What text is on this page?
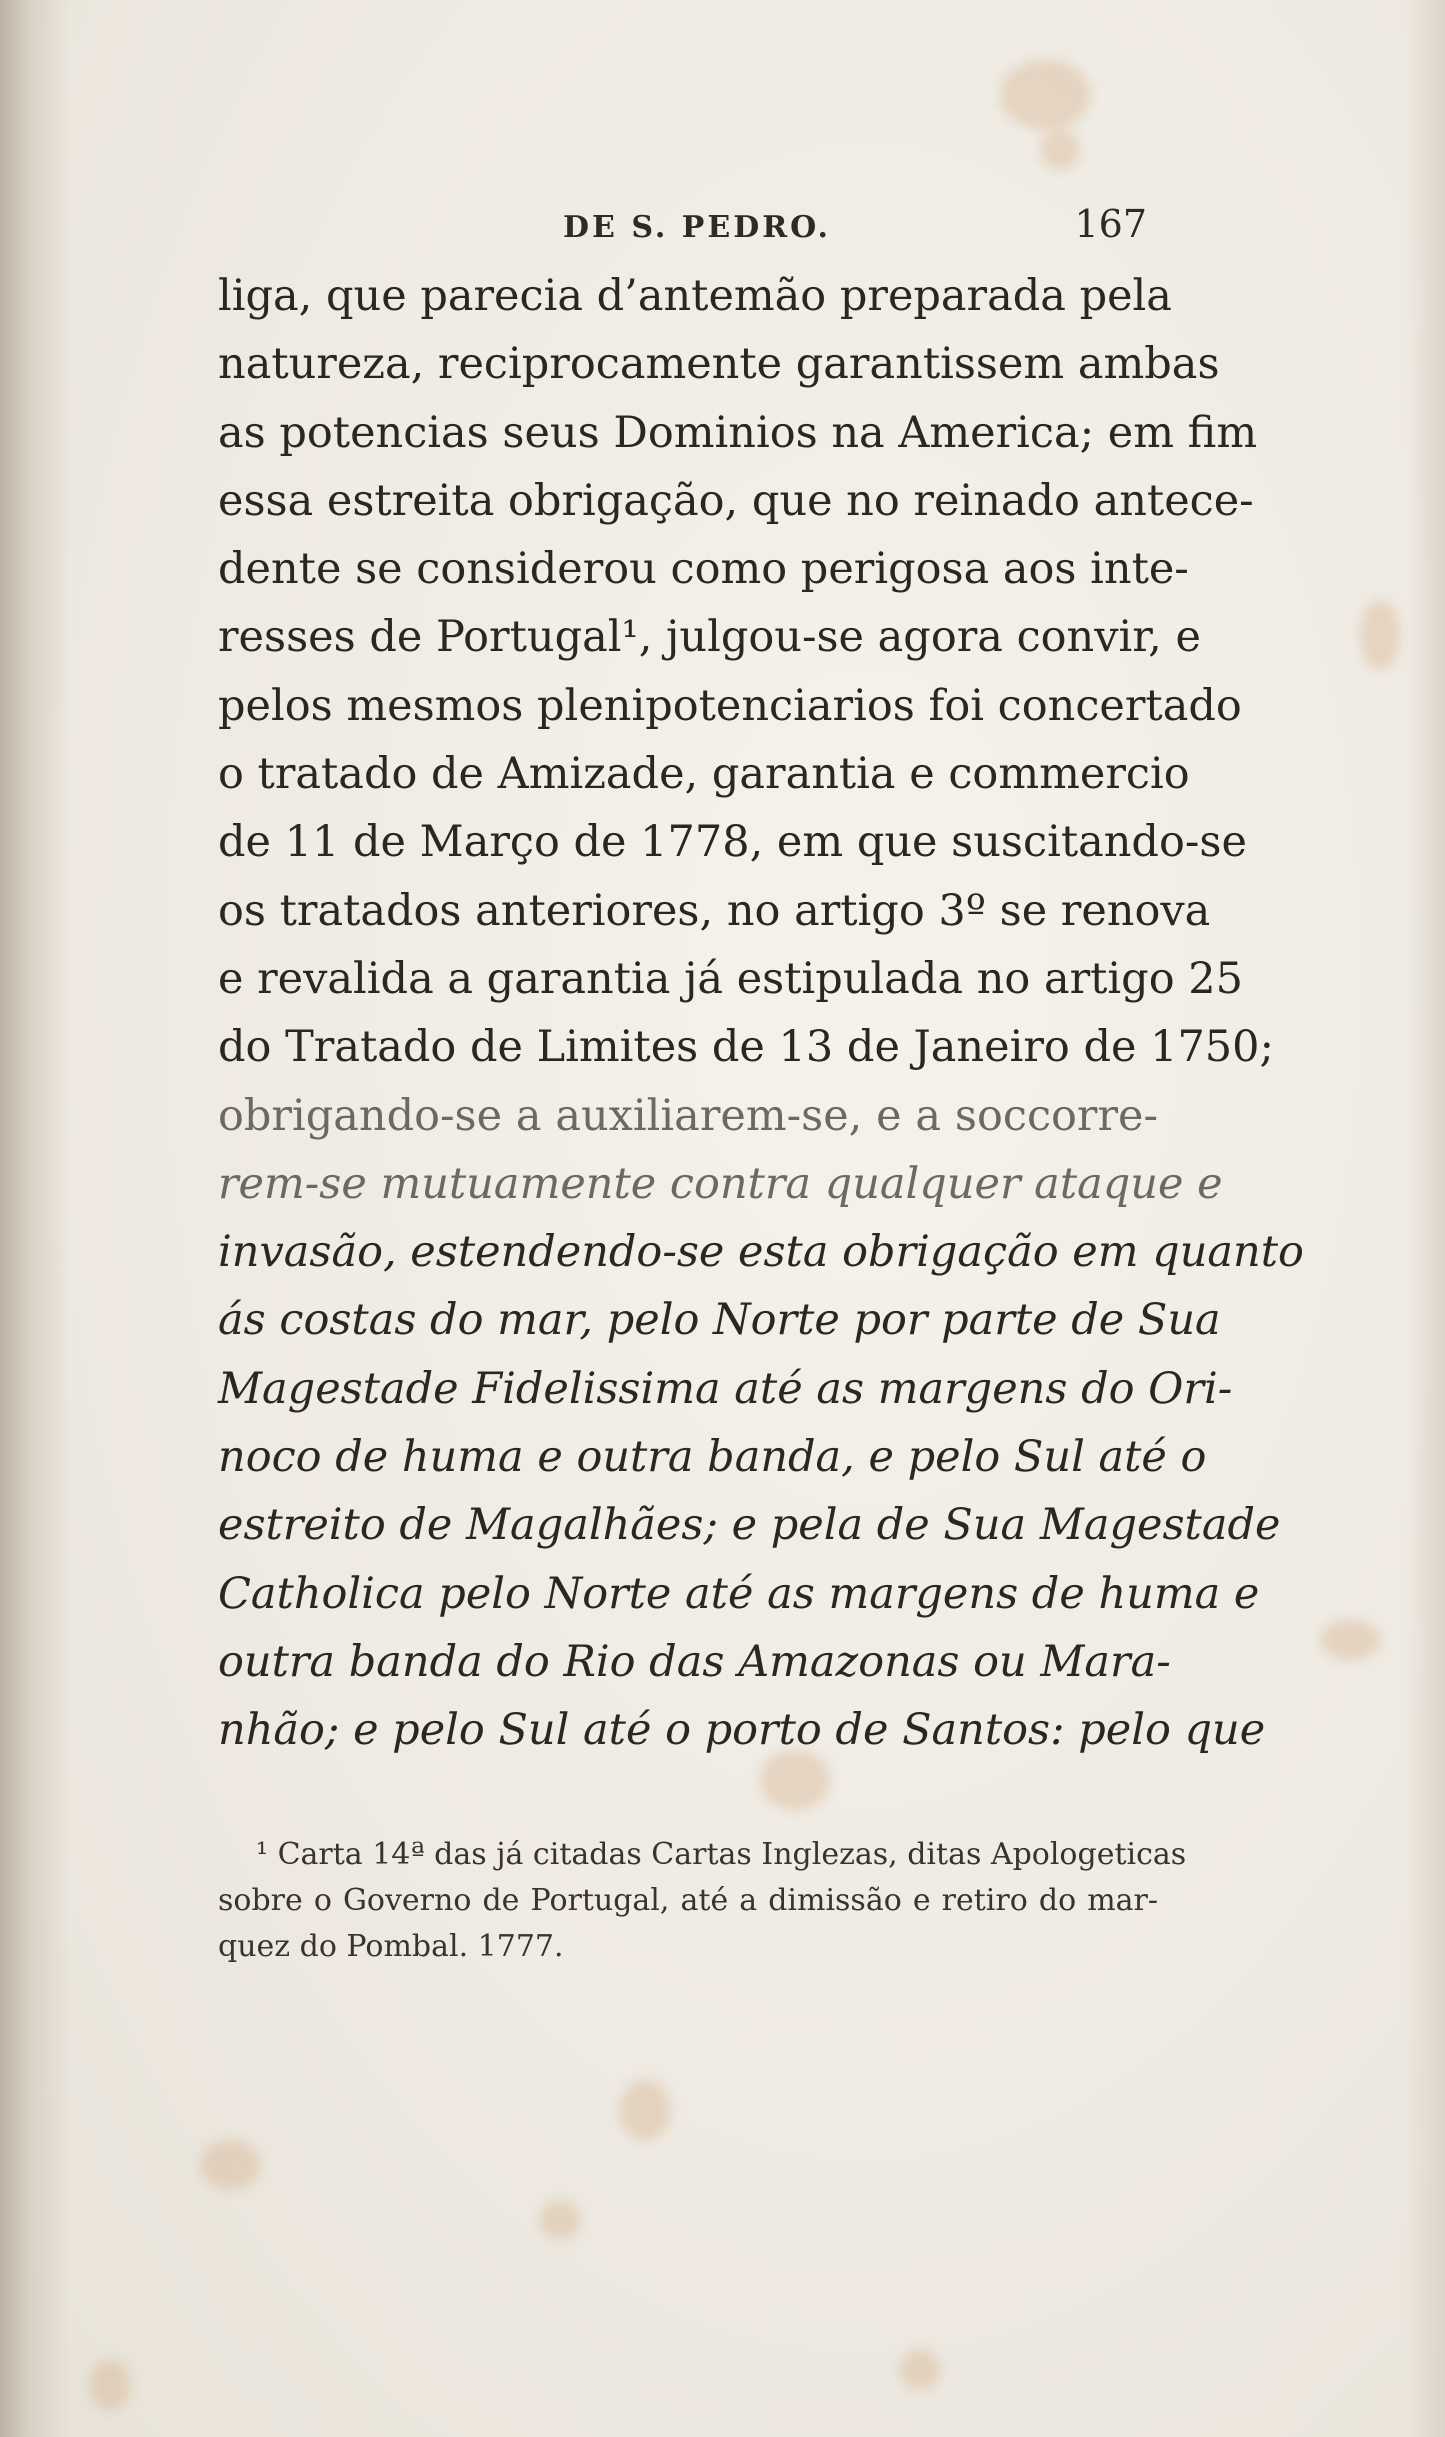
DE S. PEDRO.	167
liga, que parecia d’antemão preparada pela
natureza, reciprocamente garantissem ambas
as potencias seus Dominios na America; em fim
essa estreita obrigação, que no reinado antece-
dente se considerou como perigosa aos inte-
resses de Portugal¹, julgou-se agora convir, e
pelos mesmos plenipotenciarios foi concertado
o tratado de Amizade, garantia e commercio
de 11 de Março de 1778, em que suscitando-se
os tratados anteriores, no artigo 3º se renova
e revalida a garantia já estipulada no artigo 25
do Tratado de Limites de 13 de Janeiro de 1750;
obrigando-se a auxiliarem-se, e a soccorre-
rem-se mutuamente contra qualquer ataque e
invasão, estendendo-se esta obrigação em quanto
ás costas do mar, pelo Norte por parte de Sua
Magestade Fidelissima até as margens do Ori-
noco de huma e outra banda, e pelo Sul até o
estreito de Magalhães; e pela de Sua Magestade
Catholica pelo Norte até as margens de huma e
outra banda do Rio das Amazonas ou Mara-
nhão; e pelo Sul até o porto de Santos: pelo que
¹ Carta 14ª das já citadas Cartas Inglezas, ditas Apologeticas
sobre o Governo de Portugal, até a dimissão e retiro do mar-
quez do Pombal. 1777.
